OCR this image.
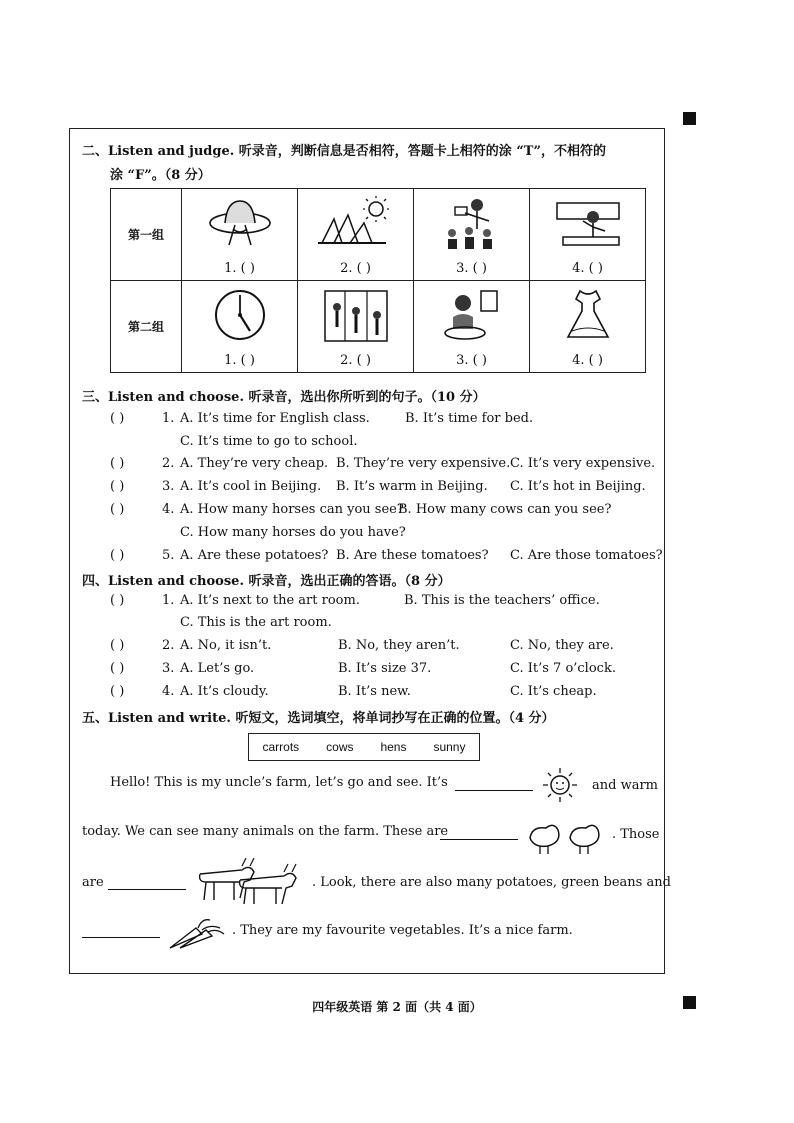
二、Listen and judge. 听录音，判断信息是否相符，答题卡上相符的涂 “T”，不相符的
涂 “F”。（8 分）
第一组	1. ( )	2. ( )	3. ( )	4. ( )

第二组	1. ( )	2. ( )	3. ( )	4. ( )
三、Listen and choose. 听录音，选出你所听到的句子。（10 分）
( )	1. A. It’s time for English class.	B. It’s time for bed.
C. It’s time to go to school.
( )	2. A. They’re very cheap. B. They’re very expensive. C. It’s very expensive.
( )	3. A. It’s cool in Beijing. B. It’s warm in Beijing. C. It’s hot in Beijing.
( )	4. A. How many horses can you see?
B. How many cows can you see?
C. How many horses do you have?
( )	5. A. Are these potatoes? B. Are these tomatoes? C. Are those tomatoes?
四、Listen and choose. 听录音，选出正确的答语。（8 分）
( )	1. A. It’s next to the art room.	B. This is the teachers’ office.
C. This is the art room.
( )	2. A. No, it isn’t.	B. No, they aren’t.	C. No, they are.
( )	3. A. Let’s go.	B. It’s size 37.	C. It’s 7 o’clock.
( )	4. A. It’s cloudy.	B. It’s new.	C. It’s cheap.
五、Listen and write. 听短文，选词填空，将单词抄写在正确的位置。（4 分）
carrots cows hens sunny
Hello! This is my uncle’s farm, let’s go and see. It’s	and warm
today. We can see many animals on the farm. These are	. Those
are	. Look, there are also many potatoes, green beans and
. They are my favourite vegetables. It’s a nice farm.
四年级英语 第 2 面（共 4 面）
